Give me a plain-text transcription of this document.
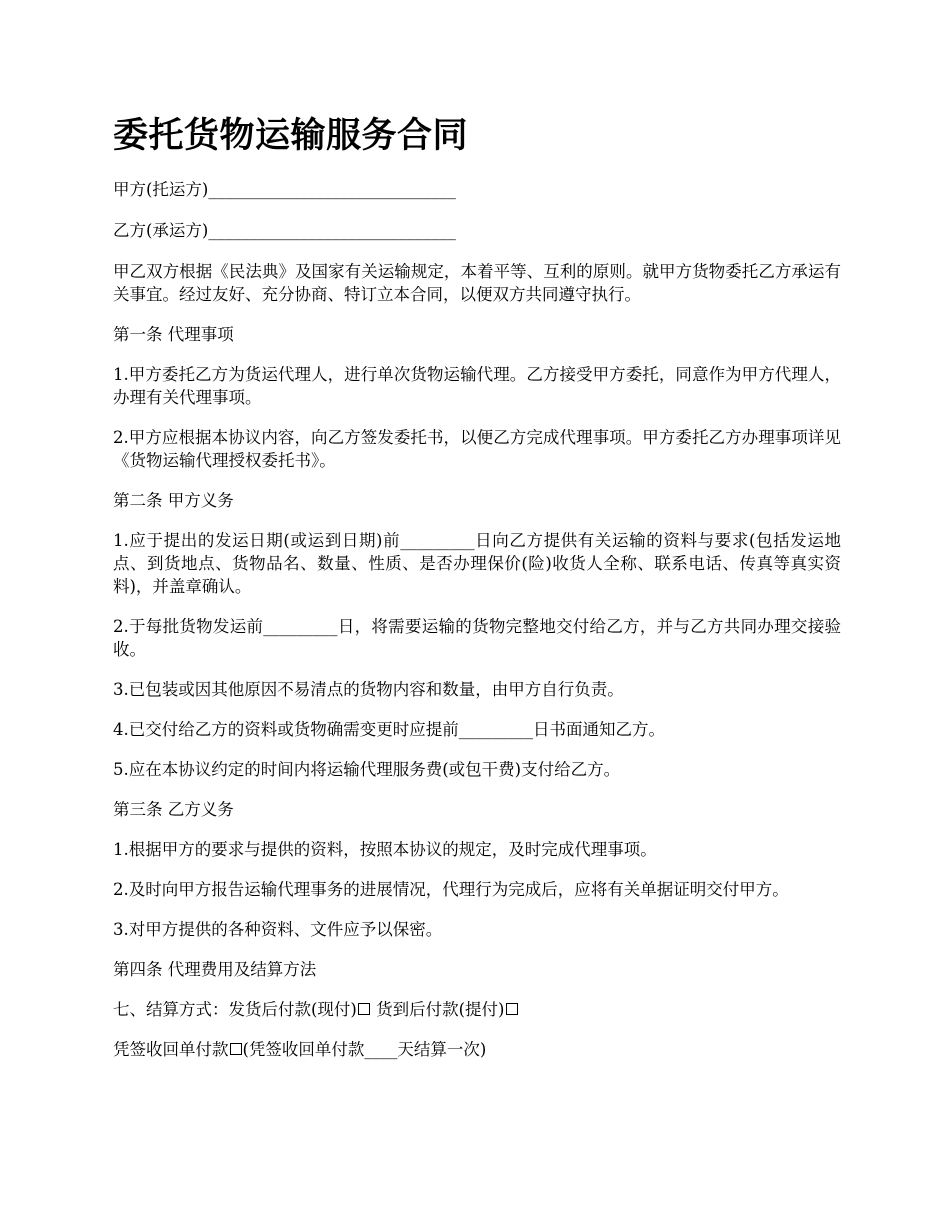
委托货物运输服务合同

甲方(托运方)______________________________

乙方(承运方)______________________________

甲乙双方根据《民法典》及国家有关运输规定，本着平等、互利的原则。就甲方货物委托乙方承运有关事宜。经过友好、充分协商、特订立本合同，以便双方共同遵守执行。

第一条 代理事项

1.甲方委托乙方为货运代理人，进行单次货物运输代理。乙方接受甲方委托，同意作为甲方代理人，办理有关代理事项。

2.甲方应根据本协议内容，向乙方签发委托书，以便乙方完成代理事项。甲方委托乙方办理事项详见《货物运输代理授权委托书》。

第二条 甲方义务

1.应于提出的发运日期(或运到日期)前_________日向乙方提供有关运输的资料与要求(包括发运地点、到货地点、货物品名、数量、性质、是否办理保价(险)收货人全称、联系电话、传真等真实资料)，并盖章确认。

2.于每批货物发运前_________日，将需要运输的货物完整地交付给乙方，并与乙方共同办理交接验收。

3.已包装或因其他原因不易清点的货物内容和数量，由甲方自行负责。

4.已交付给乙方的资料或货物确需变更时应提前_________日书面通知乙方。

5.应在本协议约定的时间内将运输代理服务费(或包干费)支付给乙方。

第三条 乙方义务

1.根据甲方的要求与提供的资料，按照本协议的规定，及时完成代理事项。

2.及时向甲方报告运输代理事务的进展情况，代理行为完成后，应将有关单据证明交付甲方。

3.对甲方提供的各种资料、文件应予以保密。

第四条 代理费用及结算方法

七、结算方式：发货后付款(现付) 货到后付款(提付)

凭签收回单付款 (凭签收回单付款____天结算一次)
